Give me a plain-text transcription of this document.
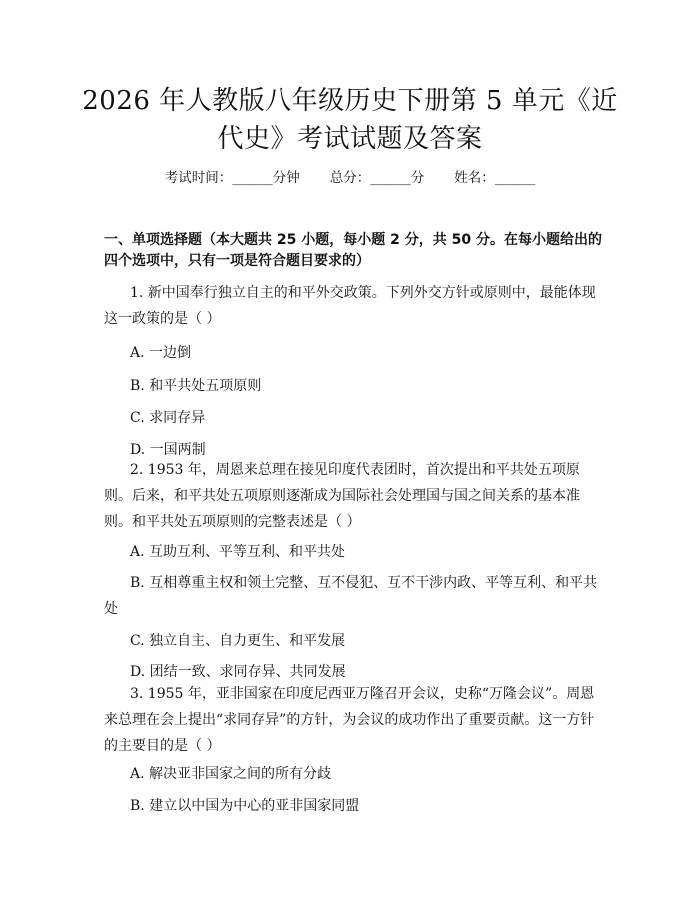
2026 年人教版八年级历史下册第 5 单元《近
代史》考试试题及答案
考试时间：______分钟 总分：______分 姓名：______
一、单项选择题（本大题共 25 小题，每小题 2 分，共 50 分。在每小题给出的四个选项中，只有一项是符合题目要求的）
1. 新中国奉行独立自主的和平外交政策。下列外交方针或原则中，最能体现这一政策的是（ ）
A. 一边倒
B. 和平共处五项原则
C. 求同存异
D. 一国两制
2. 1953 年，周恩来总理在接见印度代表团时，首次提出和平共处五项原则。后来，和平共处五项原则逐渐成为国际社会处理国与国之间关系的基本准则。和平共处五项原则的完整表述是（ ）
A. 互助互利、平等互利、和平共处
B. 互相尊重主权和领土完整、互不侵犯、互不干涉内政、平等互利、和平共处
C. 独立自主、自力更生、和平发展
D. 团结一致、求同存异、共同发展
3. 1955 年，亚非国家在印度尼西亚万隆召开会议，史称“万隆会议”。周恩来总理在会上提出“求同存异”的方针，为会议的成功作出了重要贡献。这一方针的主要目的是（ ）
A. 解决亚非国家之间的所有分歧
B. 建立以中国为中心的亚非国家同盟
